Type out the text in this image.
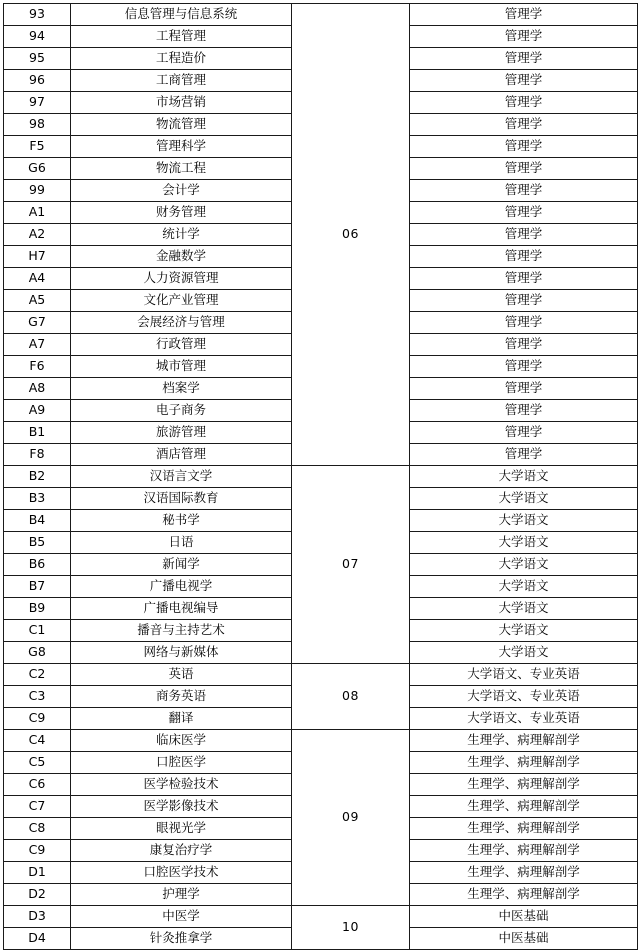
93	信息管理与信息系统	06	管理学
94	工程管理		管理学
95	工程造价		管理学
96	工商管理		管理学
97	市场营销		管理学
98	物流管理		管理学
F5	管理科学		管理学
G6	物流工程		管理学
99	会计学		管理学
A1	财务管理		管理学
A2	统计学		管理学
H7	金融数学		管理学
A4	人力资源管理		管理学
A5	文化产业管理		管理学
G7	会展经济与管理		管理学
A7	行政管理		管理学
F6	城市管理		管理学
A8	档案学		管理学
A9	电子商务		管理学
B1	旅游管理		管理学
F8	酒店管理		管理学
B2	汉语言文学	07	大学语文
B3	汉语国际教育		大学语文
B4	秘书学		大学语文
B5	日语		大学语文
B6	新闻学		大学语文
B7	广播电视学		大学语文
B9	广播电视编导		大学语文
C1	播音与主持艺术		大学语文
G8	网络与新媒体		大学语文
C2	英语	08	大学语文、专业英语
C3	商务英语		大学语文、专业英语
C9	翻译		大学语文、专业英语
C4	临床医学	09	生理学、病理解剖学
C5	口腔医学		生理学、病理解剖学
C6	医学检验技术		生理学、病理解剖学
C7	医学影像技术		生理学、病理解剖学
C8	眼视光学		生理学、病理解剖学
C9	康复治疗学		生理学、病理解剖学
D1	口腔医学技术		生理学、病理解剖学
D2	护理学		生理学、病理解剖学
D3	中医学	10	中医基础
D4	针灸推拿学		中医基础
